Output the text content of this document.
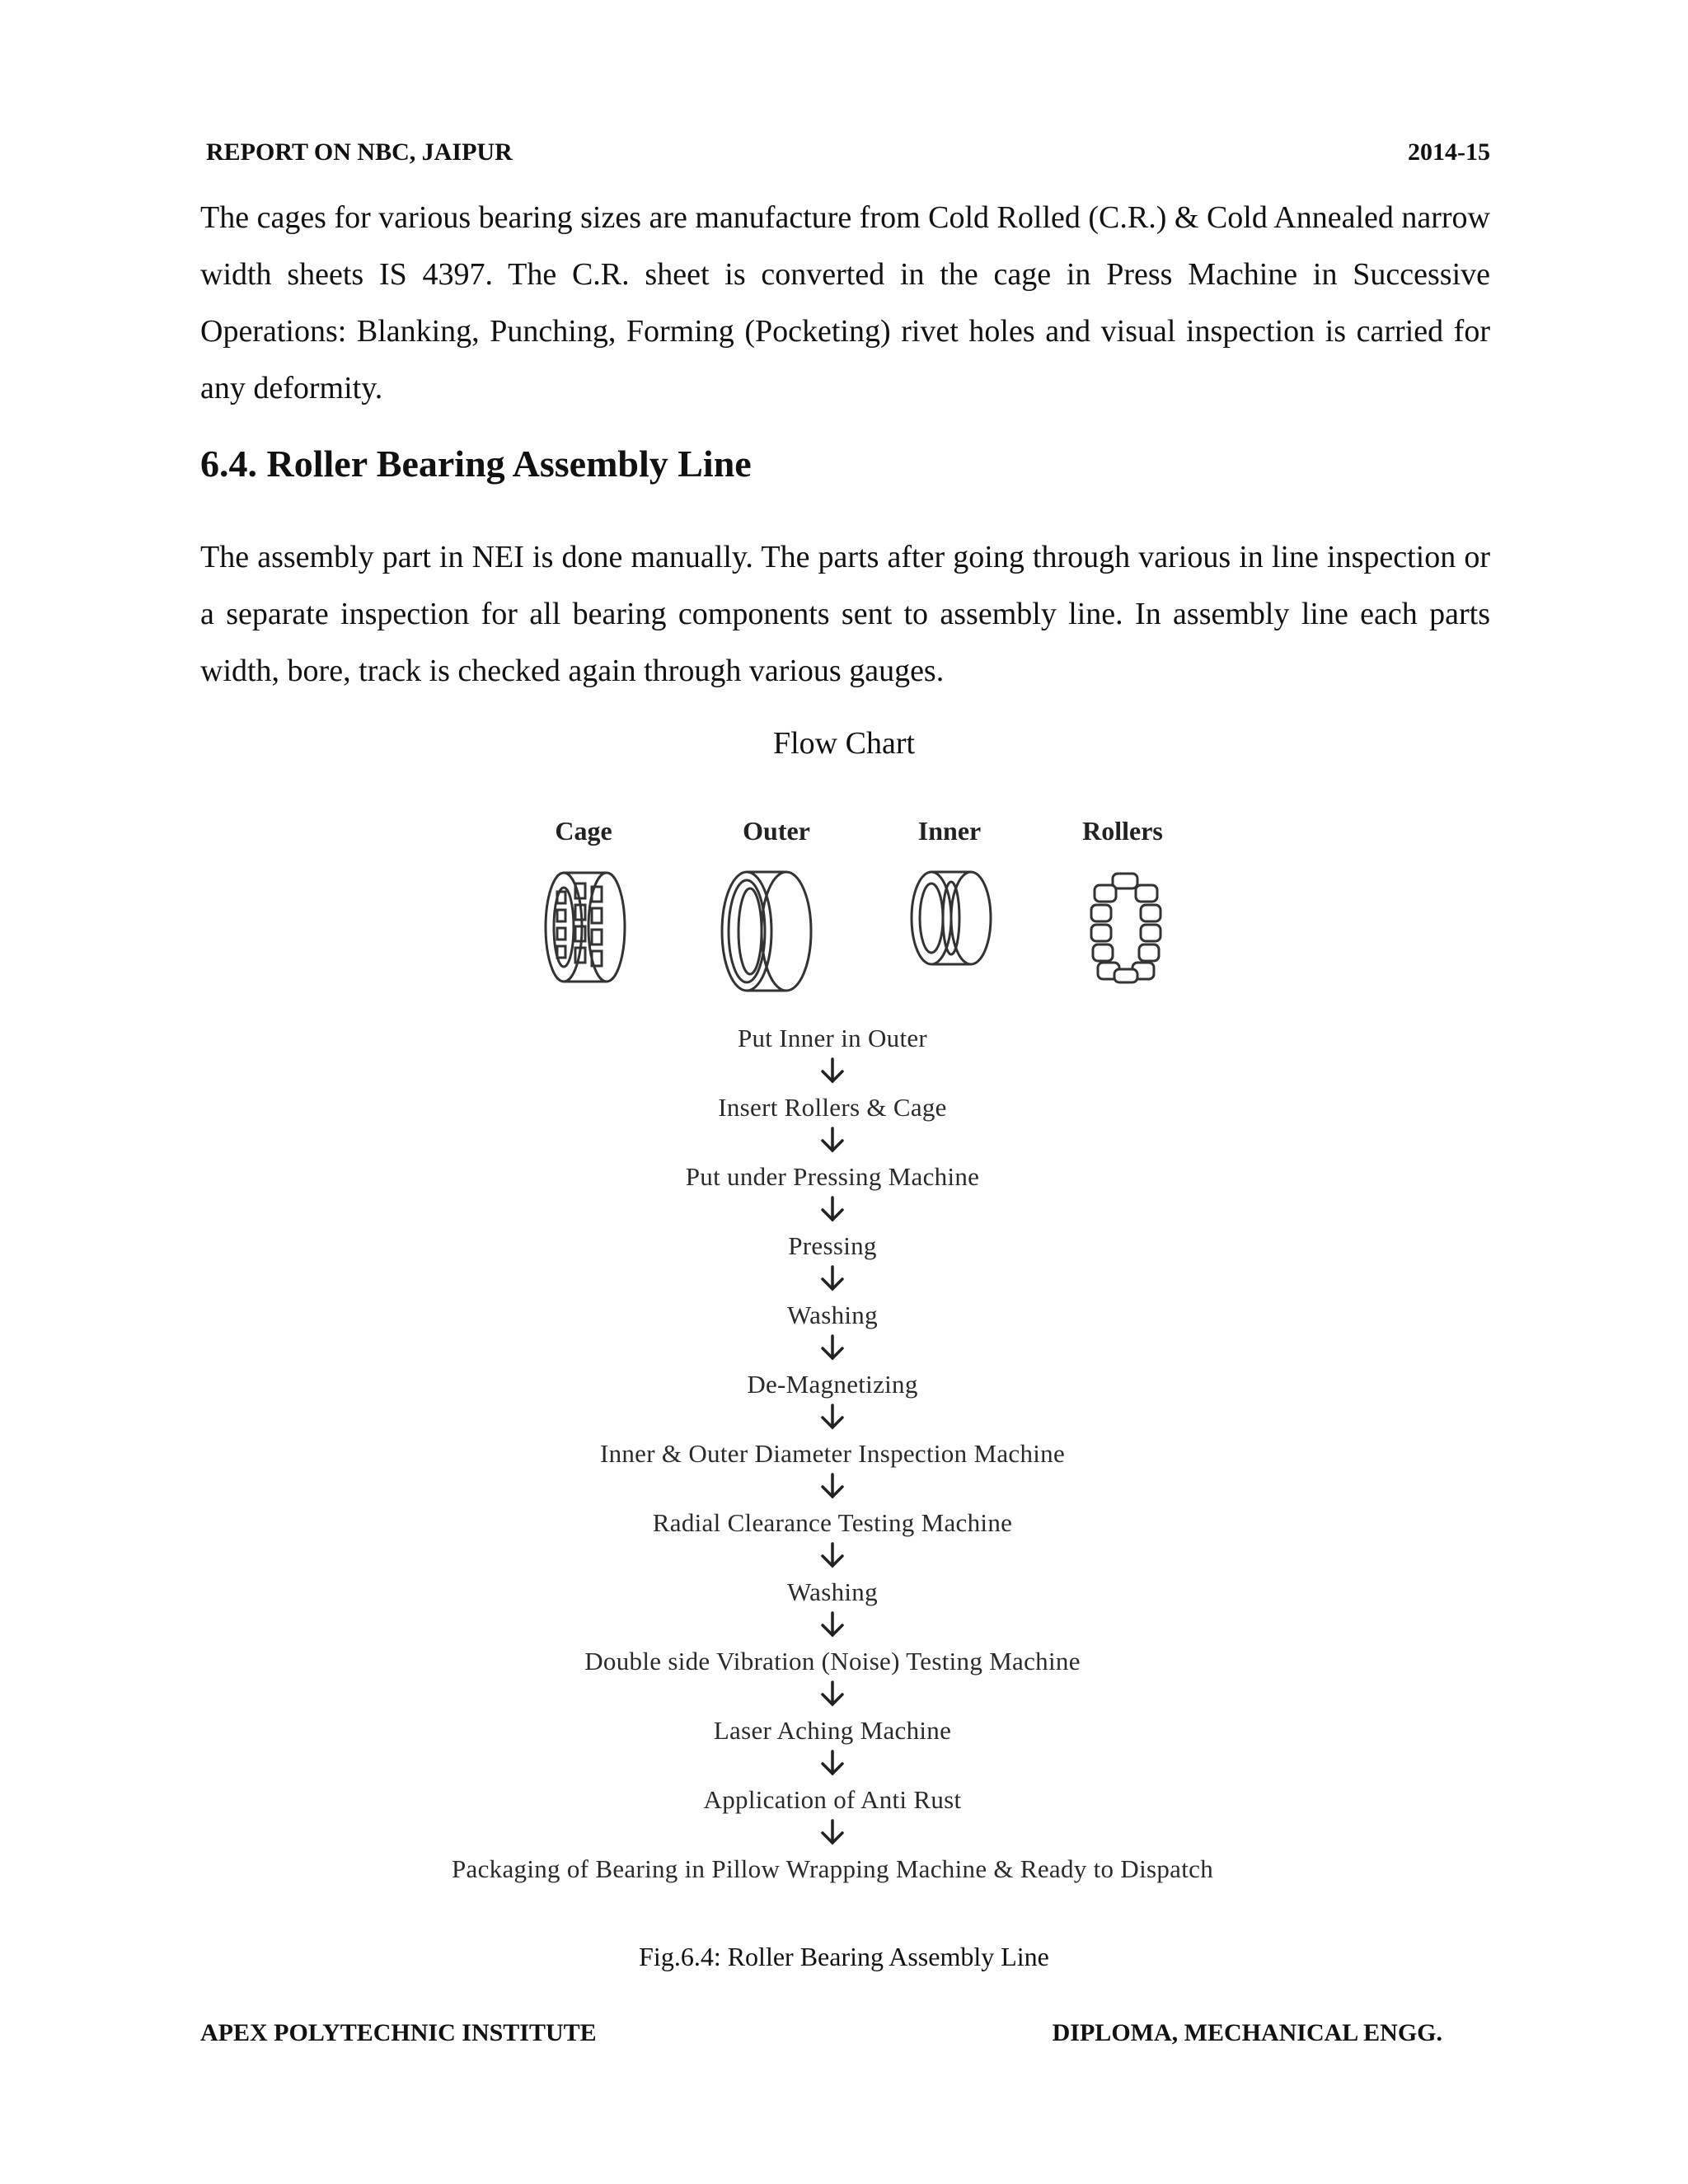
REPORT ON NBC, JAIPUR	2014-15
The cages for various bearing sizes are manufacture from Cold Rolled (C.R.) & Cold Annealed narrow width sheets IS 4397. The C.R. sheet is converted in the cage in Press Machine in Successive Operations: Blanking, Punching, Forming (Pocketing) rivet holes and visual inspection is carried for any deformity.
6.4. Roller Bearing Assembly Line
The assembly part in NEI is done manually. The parts after going through various in line inspection or a separate inspection for all bearing components sent to assembly line. In assembly line each parts width, bore, track is checked again through various gauges.
Flow Chart
Cage	Outer	Inner	Rollers
Put Inner in Outer
Insert Rollers & Cage
Put under Pressing Machine
Pressing
Washing
De-Magnetizing
Inner & Outer Diameter Inspection Machine
Radial Clearance Testing Machine
Washing
Double side Vibration (Noise) Testing Machine
Laser Aching Machine
Application of Anti Rust
Packaging of Bearing in Pillow Wrapping Machine & Ready to Dispatch
Fig.6.4: Roller Bearing Assembly Line
APEX POLYTECHNIC INSTITUTE	DIPLOMA, MECHANICAL ENGG.
